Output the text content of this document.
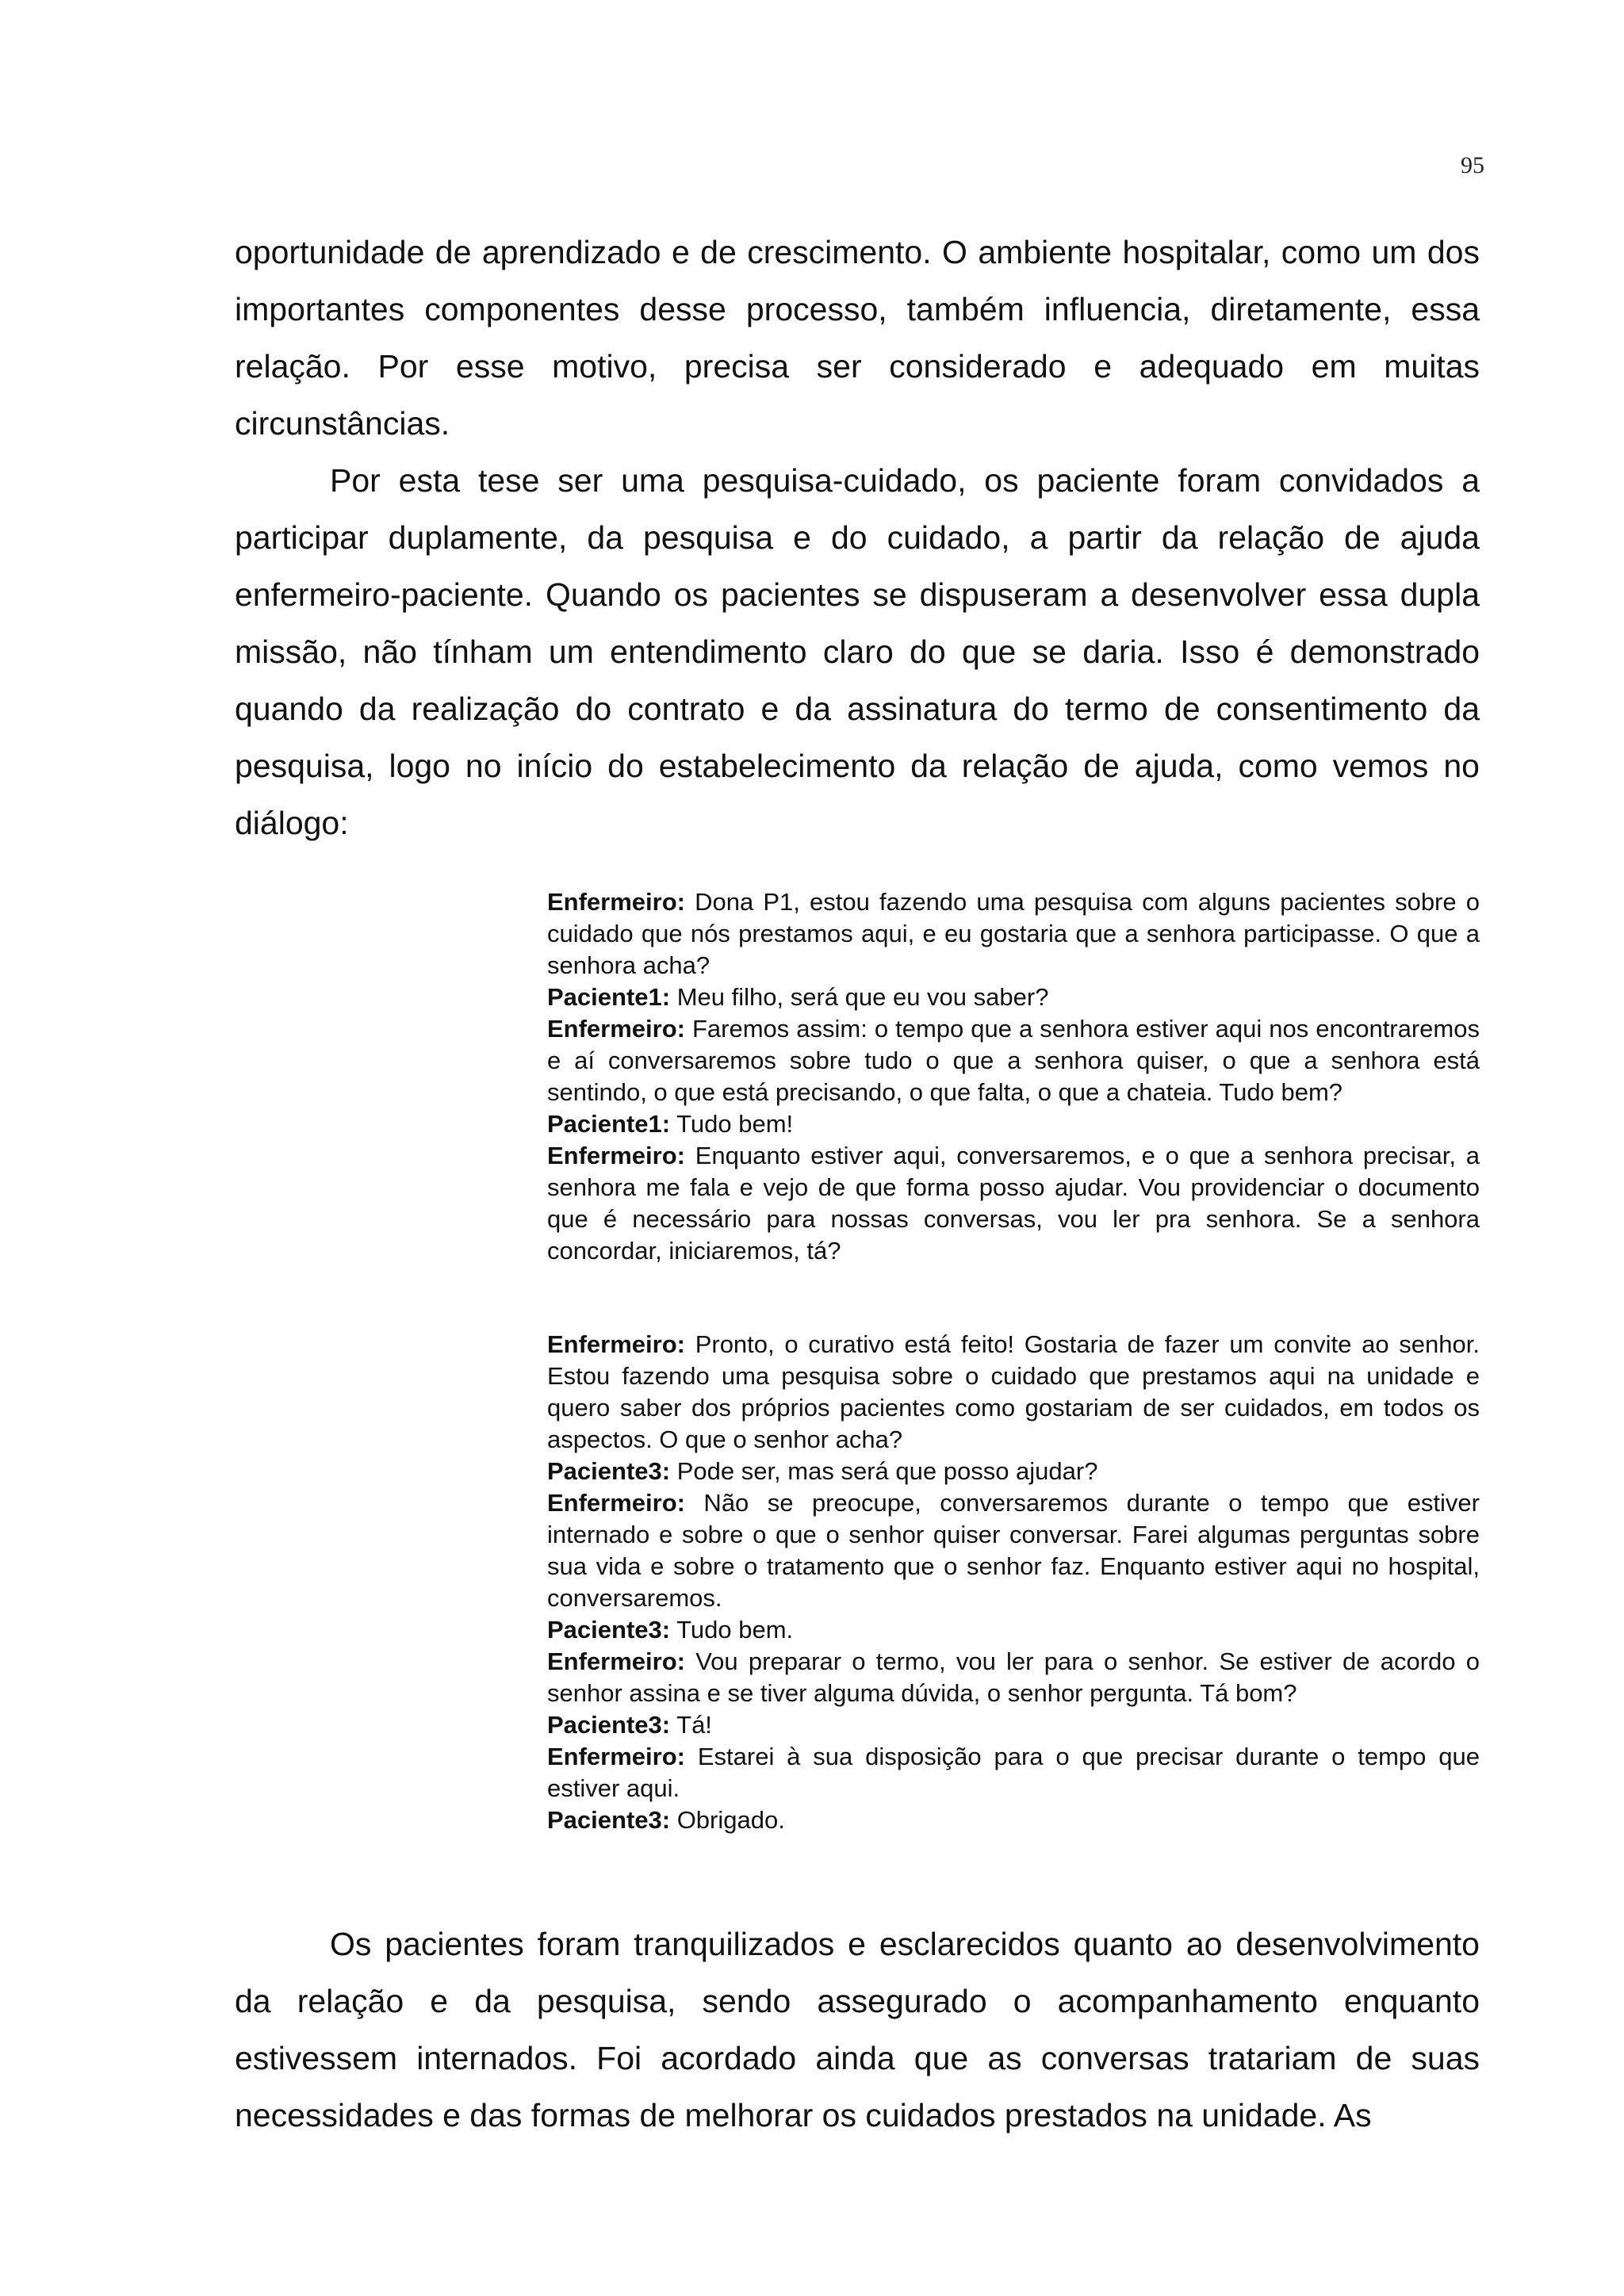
95

oportunidade de aprendizado e de crescimento. O ambiente hospitalar, como um dos importantes componentes desse processo, também influencia, diretamente, essa relação. Por esse motivo, precisa ser considerado e adequado em muitas circunstâncias.

Por esta tese ser uma pesquisa-cuidado, os paciente foram convidados a participar duplamente, da pesquisa e do cuidado, a partir da relação de ajuda enfermeiro-paciente. Quando os pacientes se dispuseram a desenvolver essa dupla missão, não tínham um entendimento claro do que se daria. Isso é demonstrado quando da realização do contrato e da assinatura do termo de consentimento da pesquisa, logo no início do estabelecimento da relação de ajuda, como vemos no diálogo:

Enfermeiro: Dona P1, estou fazendo uma pesquisa com alguns pacientes sobre o cuidado que nós prestamos aqui, e eu gostaria que a senhora participasse. O que a senhora acha?

Paciente1: Meu filho, será que eu vou saber?

Enfermeiro: Faremos assim: o tempo que a senhora estiver aqui nos encontraremos e aí conversaremos sobre tudo o que a senhora quiser, o que a senhora está sentindo, o que está precisando, o que falta, o que a chateia. Tudo bem?

Paciente1: Tudo bem!

Enfermeiro: Enquanto estiver aqui, conversaremos, e o que a senhora precisar, a senhora me fala e vejo de que forma posso ajudar. Vou providenciar o documento que é necessário para nossas conversas, vou ler pra senhora. Se a senhora concordar, iniciaremos, tá?

Enfermeiro: Pronto, o curativo está feito! Gostaria de fazer um convite ao senhor. Estou fazendo uma pesquisa sobre o cuidado que prestamos aqui na unidade e quero saber dos próprios pacientes como gostariam de ser cuidados, em todos os aspectos. O que o senhor acha?

Paciente3: Pode ser, mas será que posso ajudar?

Enfermeiro: Não se preocupe, conversaremos durante o tempo que estiver internado e sobre o que o senhor quiser conversar. Farei algumas perguntas sobre sua vida e sobre o tratamento que o senhor faz. Enquanto estiver aqui no hospital, conversaremos.

Paciente3: Tudo bem.

Enfermeiro: Vou preparar o termo, vou ler para o senhor. Se estiver de acordo o senhor assina e se tiver alguma dúvida, o senhor pergunta. Tá bom?

Paciente3: Tá!

Enfermeiro: Estarei à sua disposição para o que precisar durante o tempo que estiver aqui.

Paciente3: Obrigado.

Os pacientes foram tranquilizados e esclarecidos quanto ao desenvolvimento da relação e da pesquisa, sendo assegurado o acompanhamento enquanto estivessem internados. Foi acordado ainda que as conversas tratariam de suas necessidades e das formas de melhorar os cuidados prestados na unidade. As
